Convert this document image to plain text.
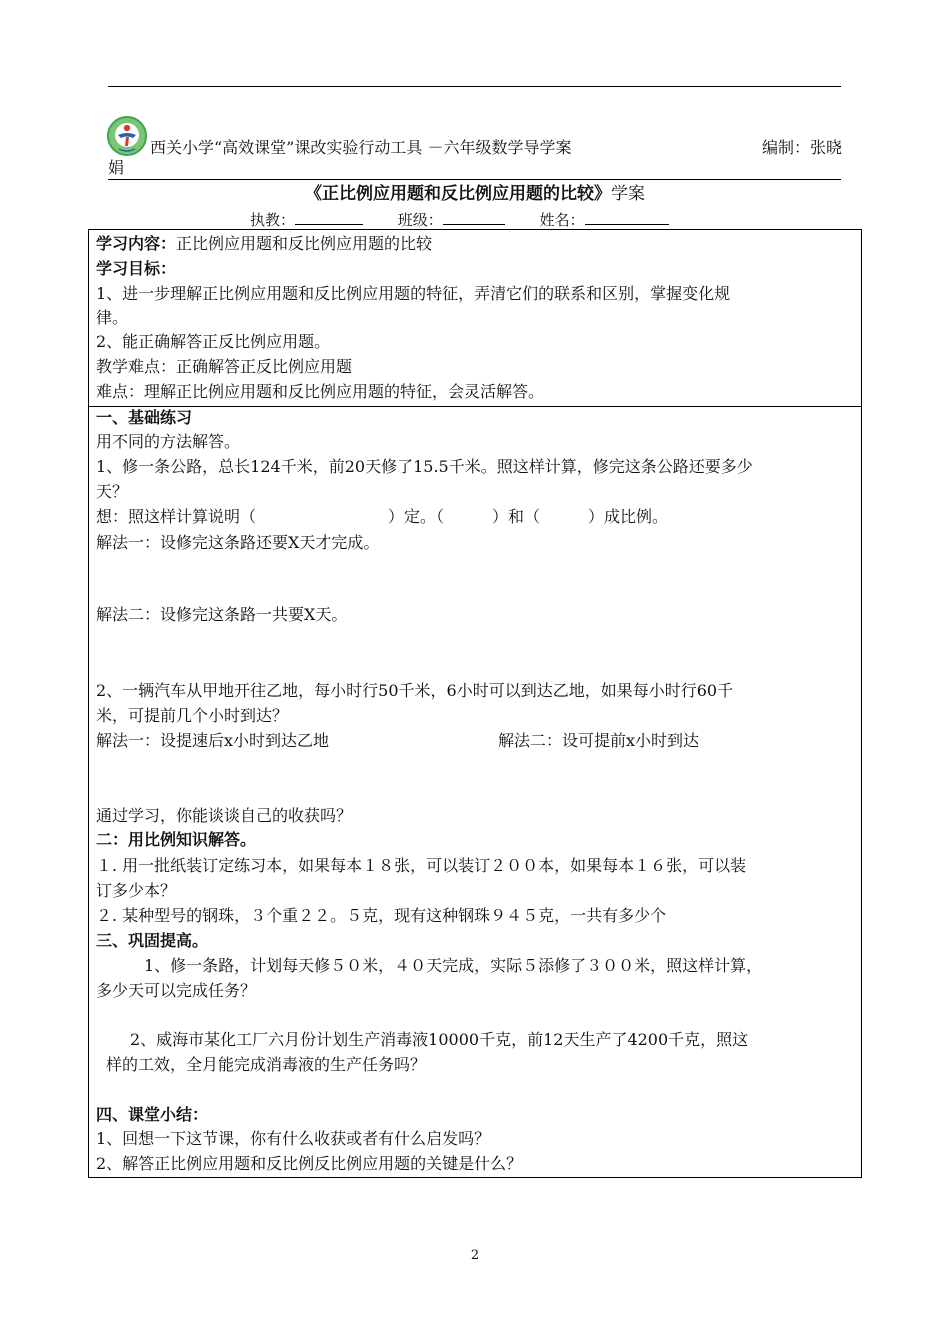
西关小学“高效课堂”课改实验行动工具 －六年级数学导学案	编制：张晓
娟
《正比例应用题和反比例应用题的比较》学案
执教：	班级：	姓名：
学习内容：正比例应用题和反比例应用题的比较
学习目标：
1、进一步理解正比例应用题和反比例应用题的特征，弄清它们的联系和区别，掌握变化规
律。
2、能正确解答正反比例应用题。
教学难点：正确解答正反比例应用题
难点：理解正比例应用题和反比例应用题的特征，会灵活解答。
一、基础练习
用不同的方法解答。
1、修一条公路，总长124千米，前20天修了15.5千米。照这样计算，修完这条公路还要多少
天？
想：照这样计算说明（	）定。（	）和（	）成比例。
解法一：设修完这条路还要X天才完成。
解法二：设修完这条路一共要X天。
2、一辆汽车从甲地开往乙地，每小时行50千米，6小时可以到达乙地，如果每小时行60千
米，可提前几个小时到达？
解法一：设提速后x小时到达乙地	解法二：设可提前x小时到达
通过学习，你能谈谈自己的收获吗？
二：用比例知识解答。
１. 用一批纸装订定练习本，如果每本１８张，可以装订２００本，如果每本１６张，可以装
订多少本？
２. 某种型号的钢珠，３个重２２。５克，现有这种钢珠９４５克，一共有多少个
三、巩固提高。
1、修一条路，计划每天修５０米，４０天完成，实际５添修了３００米，照这样计算，
多少天可以完成任务？
2、威海市某化工厂六月份计划生产消毒液10000千克，前12天生产了4200千克，照这
样的工效，全月能完成消毒液的生产任务吗？
四、课堂小结：
1、回想一下这节课，你有什么收获或者有什么启发吗？
2、解答正比例应用题和反比例反比例应用题的关键是什么？
2
